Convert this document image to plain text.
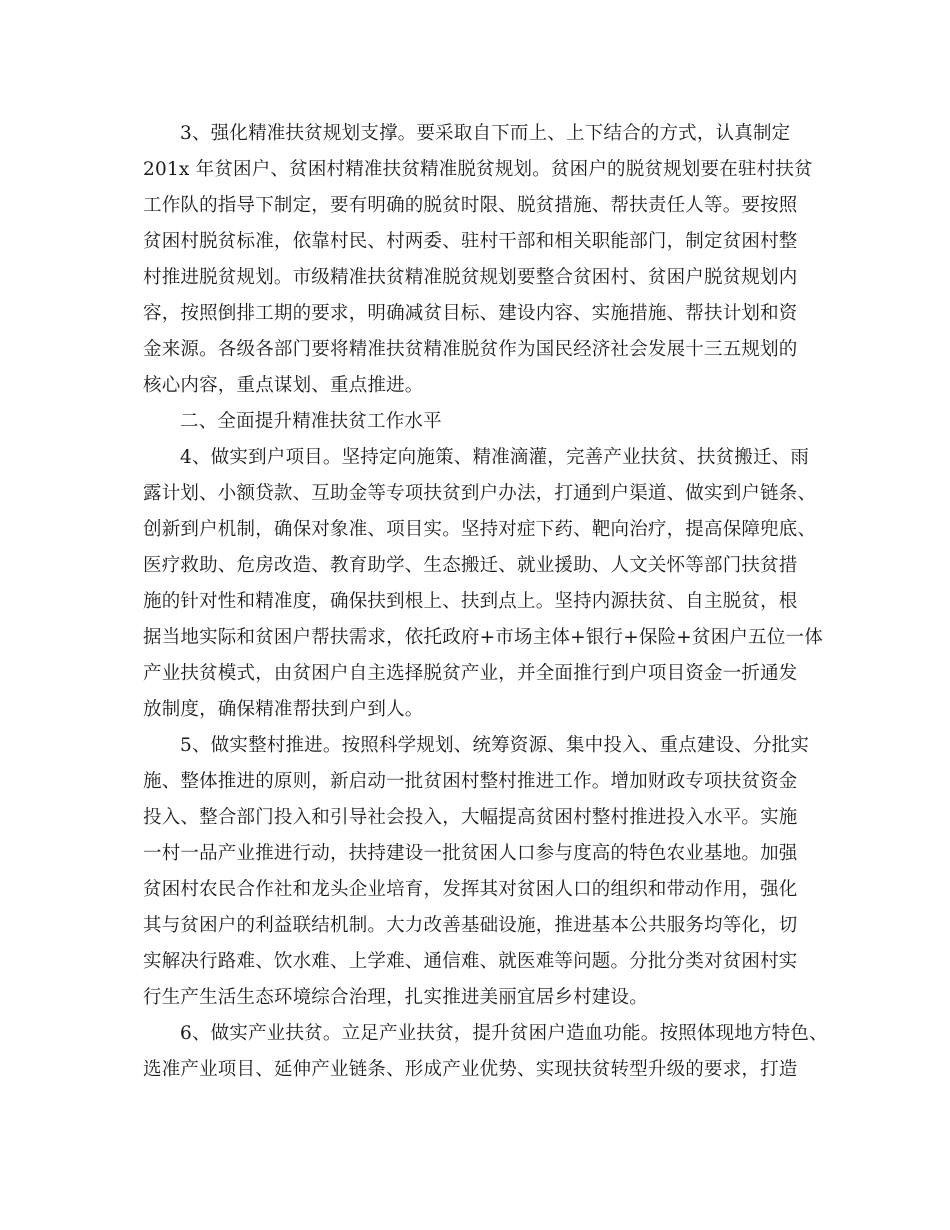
3、强化精准扶贫规划支撑。要采取自下而上、上下结合的方式，认真制定
201x 年贫困户、贫困村精准扶贫精准脱贫规划。贫困户的脱贫规划要在驻村扶贫
工作队的指导下制定，要有明确的脱贫时限、脱贫措施、帮扶责任人等。要按照
贫困村脱贫标准，依靠村民、村两委、驻村干部和相关职能部门，制定贫困村整
村推进脱贫规划。市级精准扶贫精准脱贫规划要整合贫困村、贫困户脱贫规划内
容，按照倒排工期的要求，明确减贫目标、建设内容、实施措施、帮扶计划和资
金来源。各级各部门要将精准扶贫精准脱贫作为国民经济社会发展十三五规划的
核心内容，重点谋划、重点推进。
二、全面提升精准扶贫工作水平
4、做实到户项目。坚持定向施策、精准滴灌，完善产业扶贫、扶贫搬迁、雨
露计划、小额贷款、互助金等专项扶贫到户办法，打通到户渠道、做实到户链条、
创新到户机制，确保对象准、项目实。坚持对症下药、靶向治疗，提高保障兜底、
医疗救助、危房改造、教育助学、生态搬迁、就业援助、人文关怀等部门扶贫措
施的针对性和精准度，确保扶到根上、扶到点上。坚持内源扶贫、自主脱贫，根
据当地实际和贫困户帮扶需求，依托政府+市场主体+银行+保险+贫困户五位一体
产业扶贫模式，由贫困户自主选择脱贫产业，并全面推行到户项目资金一折通发
放制度，确保精准帮扶到户到人。
5、做实整村推进。按照科学规划、统筹资源、集中投入、重点建设、分批实
施、整体推进的原则，新启动一批贫困村整村推进工作。增加财政专项扶贫资金
投入、整合部门投入和引导社会投入，大幅提高贫困村整村推进投入水平。实施
一村一品产业推进行动，扶持建设一批贫困人口参与度高的特色农业基地。加强
贫困村农民合作社和龙头企业培育，发挥其对贫困人口的组织和带动作用，强化
其与贫困户的利益联结机制。大力改善基础设施，推进基本公共服务均等化，切
实解决行路难、饮水难、上学难、通信难、就医难等问题。分批分类对贫困村实
行生产生活生态环境综合治理，扎实推进美丽宜居乡村建设。
6、做实产业扶贫。立足产业扶贫，提升贫困户造血功能。按照体现地方特色、
选准产业项目、延伸产业链条、形成产业优势、实现扶贫转型升级的要求，打造
